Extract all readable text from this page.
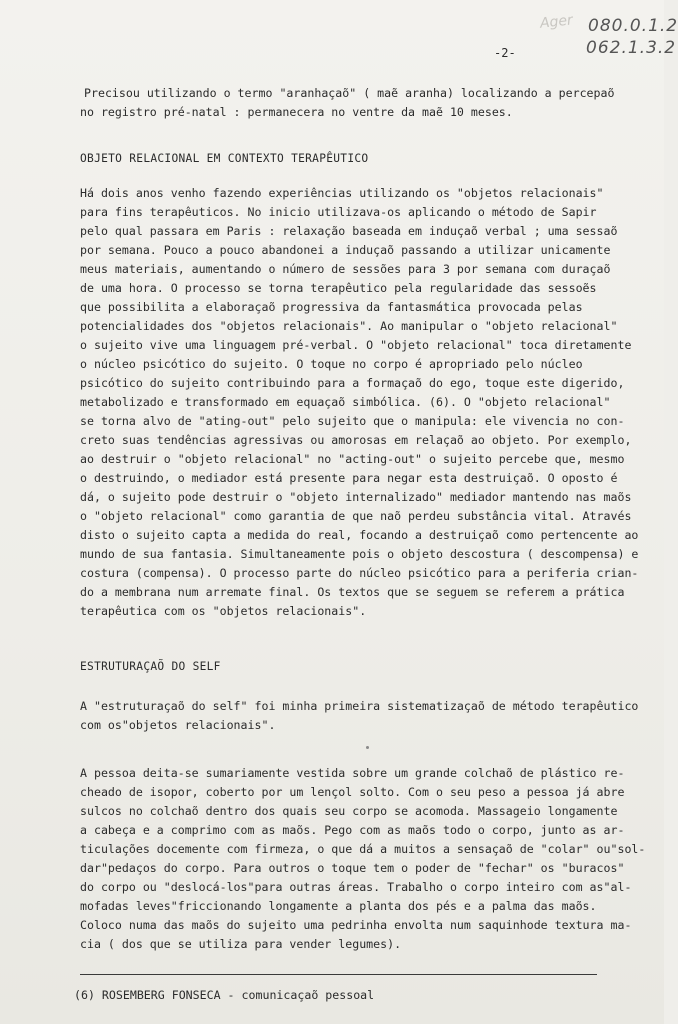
Ager 080.0.1.2
062.1.3.2
-2-
Precisou utilizando o termo "aranhaçaõ" ( maẽ aranha) localizando a percepaõ
no registro pré-natal : permanecera no ventre da maẽ 10 meses.
OBJETO RELACIONAL EM CONTEXTO TERAPÊUTICO
Há dois anos venho fazendo experiências utilizando os "objetos relacionais"
para fins terapêuticos. No inicio utilizava-os aplicando o método de Sapir
pelo qual passara em Paris : relaxação baseada em induçaõ verbal ; uma sessaõ
por semana. Pouco a pouco abandonei a induçaõ passando a utilizar unicamente
meus materiais, aumentando o número de sessões para 3 por semana com duraçaõ
de uma hora. O processo se torna terapêutico pela regularidade das sessoẽs
que possibilita a elaboraçaõ progressiva da fantasmática provocada pelas
potencialidades dos "objetos relacionais". Ao manipular o "objeto relacional"
o sujeito vive uma linguagem pré-verbal. O "objeto relacional" toca diretamente
o núcleo psicótico do sujeito. O toque no corpo é apropriado pelo núcleo
psicótico do sujeito contribuindo para a formaçaõ do ego, toque este digerido,
metabolizado e transformado em equaçaõ simbólica. (6). O "objeto relacional"
se torna alvo de "ating-out" pelo sujeito que o manipula: ele vivencia no con-
creto suas tendências agressivas ou amorosas em relaçaõ ao objeto. Por exemplo,
ao destruir o "objeto relacional" no "acting-out" o sujeito percebe que, mesmo
o destruindo, o mediador está presente para negar esta destruiçaõ. O oposto é
dá, o sujeito pode destruir o "objeto internalizado" mediador mantendo nas maõs
o "objeto relacional" como garantia de que naõ perdeu substância vital. Através
disto o sujeito capta a medida do real, focando a destruiçaõ como pertencente ao
mundo de sua fantasia. Simultaneamente pois o objeto descostura ( descompensa) e
costura (compensa). O processo parte do núcleo psicótico para a periferia crian-
do a membrana num arremate final. Os textos que se seguem se referem a prática
terapêutica com os "objetos relacionais".
ESTRUTURAÇAÕ DO SELF
A "estruturaçaõ do self" foi minha primeira sistematizaçaõ de método terapêutico
com os"objetos relacionais".
A pessoa deita-se sumariamente vestida sobre um grande colchaõ de plástico re-
cheado de isopor, coberto por um lençol solto. Com o seu peso a pessoa já abre
sulcos no colchaõ dentro dos quais seu corpo se acomoda. Massageio longamente
a cabeça e a comprimo com as maõs. Pego com as maõs todo o corpo, junto as ar-
ticulações docemente com firmeza, o que dá a muitos a sensaçaõ de "colar" ou"sol-
dar"pedaços do corpo. Para outros o toque tem o poder de "fechar" os "buracos"
do corpo ou "deslocá-los"para outras áreas. Trabalho o corpo inteiro com as"al-
mofadas leves"friccionando longamente a planta dos pés e a palma das maõs.
Coloco numa das maõs do sujeito uma pedrinha envolta num saquinhode textura ma-
cia ( dos que se utiliza para vender legumes).
(6) ROSEMBERG FONSECA - comunicaçaõ pessoal
